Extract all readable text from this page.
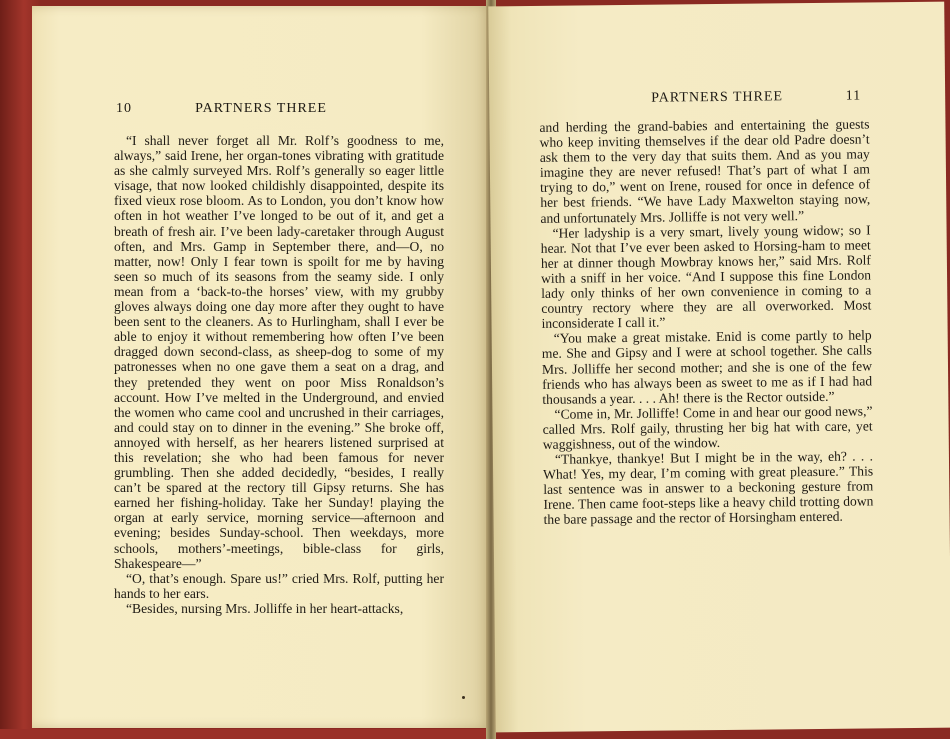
10	PARTNERS THREE

“I shall never forget all Mr. Rolf’s goodness to me, always,” said Irene, her organ-tones vibrating with gratitude as she calmly surveyed Mrs. Rolf’s generally so eager little visage, that now looked childishly disappointed, despite its fixed vieux rose bloom. As to London, you don’t know how often in hot weather I’ve longed to be out of it, and get a breath of fresh air. I’ve been lady-caretaker through August often, and Mrs. Gamp in September there, and—O, no matter, now! Only I fear town is spoilt for me by having seen so much of its seasons from the seamy side. I only mean from a ‘back-to-the horses’ view, with my grubby gloves always doing one day more after they ought to have been sent to the cleaners. As to Hurlingham, shall I ever be able to enjoy it without remembering how often I’ve been dragged down second-class, as sheep-dog to some of my patronesses when no one gave them a seat on a drag, and they pretended they went on poor Miss Ronaldson’s account. How I’ve melted in the Underground, and envied the women who came cool and uncrushed in their carriages, and could stay on to dinner in the evening.” She broke off, annoyed with herself, as her hearers listened surprised at this revelation; she who had been famous for never grumbling. Then she added decidedly, “besides, I really can’t be spared at the rectory till Gipsy returns. She has earned her fishing-holiday. Take her Sunday! playing the organ at early service, morning service—afternoon and evening; besides Sunday-school. Then weekdays, more schools, mothers’-meetings, bible-class for girls, Shakespeare—”

“O, that’s enough. Spare us!” cried Mrs. Rolf, putting her hands to her ears.

“Besides, nursing Mrs. Jolliffe in her heart-attacks,

PARTNERS THREE	11

and herding the grand-babies and entertaining the guests who keep inviting themselves if the dear old Padre doesn’t ask them to the very day that suits them. And as you may imagine they are never refused! That’s part of what I am trying to do,” went on Irene, roused for once in defence of her best friends. “We have Lady Maxwelton staying now, and unfortunately Mrs. Jolliffe is not very well.”

“Her ladyship is a very smart, lively young widow; so I hear. Not that I’ve ever been asked to Horsing-ham to meet her at dinner though Mowbray knows her,” said Mrs. Rolf with a sniff in her voice. “And I suppose this fine London lady only thinks of her own convenience in coming to a country rectory where they are all overworked. Most inconsiderate I call it.”

“You make a great mistake. Enid is come partly to help me. She and Gipsy and I were at school together. She calls Mrs. Jolliffe her second mother; and she is one of the few friends who has always been as sweet to me as if I had had thousands a year. . . . Ah! there is the Rector outside.”

“Come in, Mr. Jolliffe! Come in and hear our good news,” called Mrs. Rolf gaily, thrusting her big hat with care, yet waggishness, out of the window.

“Thankye, thankye! But I might be in the way, eh? . . . What! Yes, my dear, I’m coming with great pleasure.” This last sentence was in answer to a beckoning gesture from Irene. Then came foot-steps like a heavy child trotting down the bare passage and the rector of Horsingham entered.
